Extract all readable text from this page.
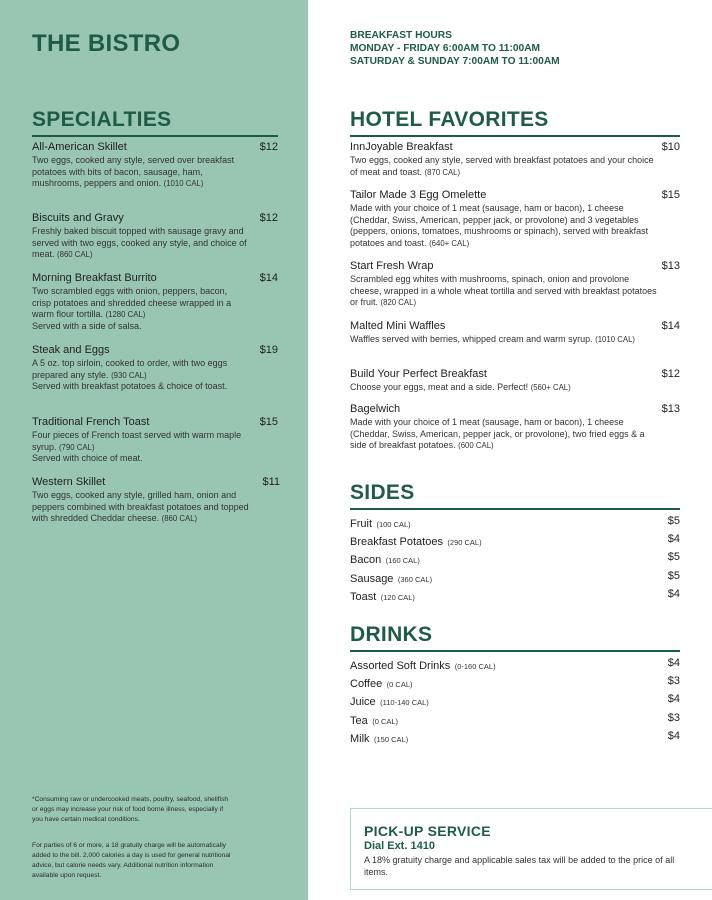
THE BISTRO	BREAKFAST HOURS
MONDAY - FRIDAY 6:00AM TO 11:00AM
SATURDAY & SUNDAY 7:00AM TO 11:00AM
SPECIALTIES
All-American Skillet	$12
Two eggs, cooked any style, served over breakfast potatoes with bits of bacon, sausage, ham, mushrooms, peppers and onion. (1010 CAL)
Biscuits and Gravy	$12
Freshly baked biscuit topped with sausage gravy and served with two eggs, cooked any style, and choice of meat. (860 CAL)
Morning Breakfast Burrito	$14
Two scrambled eggs with onion, peppers, bacon, crisp potatoes and shredded cheese wrapped in a warm flour tortilla. (1280 CAL)
Served with a side of salsa.
Steak and Eggs	$19
A 5 oz. top sirloin, cooked to order, with two eggs prepared any style. (930 CAL)
Served with breakfast potatoes & choice of toast.
Traditional French Toast	$15
Four pieces of French toast served with warm maple syrup. (790 CAL)
Served with choice of meat.
Western Skillet	$11
Two eggs, cooked any style, grilled ham, onion and peppers combined with breakfast potatoes and topped with shredded Cheddar cheese. (860 CAL)
HOTEL FAVORITES
InnJoyable Breakfast	$10
Two eggs, cooked any style, served with breakfast potatoes and your choice of meat and toast. (870 CAL)
Tailor Made 3 Egg Omelette	$15
Made with your choice of 1 meat (sausage, ham or bacon), 1 cheese (Cheddar, Swiss, American, pepper jack, or provolone) and 3 vegetables (peppers, onions, tomatoes, mushrooms or spinach), served with breakfast potatoes and toast. (640+ CAL)
Start Fresh Wrap	$13
Scrambled egg whites with mushrooms, spinach, onion and provolone cheese, wrapped in a whole wheat tortilla and served with breakfast potatoes or fruit. (820 CAL)
Malted Mini Waffles	$14
Waffles served with berries, whipped cream and warm syrup. (1010 CAL)
Build Your Perfect Breakfast	$12
Choose your eggs, meat and a side. Perfect! (560+ CAL)
Bagelwich	$13
Made with your choice of 1 meat (sausage, ham or bacon), 1 cheese (Cheddar, Swiss, American, pepper jack, or provolone), two fried eggs & a side of breakfast potatoes. (600 CAL)
SIDES
Fruit (100 CAL)	$5
Breakfast Potatoes (290 CAL)	$4
Bacon (160 CAL)	$5
Sausage (360 CAL)	$5
Toast (120 CAL)	$4
DRINKS
Assorted Soft Drinks (0-160 CAL)	$4
Coffee (0 CAL)	$3
Juice (110-140 CAL)	$4
Tea (0 CAL)	$3
Milk (150 CAL)	$4

*Consuming raw or undercooked meats, poultry, seafood, shellfish or eggs may increase your risk of food borne illness, especially if you have certain medical conditions.

For parties of 6 or more, a 18 gratuity charge will be automatically added to the bill. 2,000 calories a day is used for general nutritional advice, but calorie needs vary. Additional nutrition information available upon request.

PICK-UP SERVICE
Dial Ext. 1410
A 18% gratuity charge and applicable sales tax will be added to the price of all items.
